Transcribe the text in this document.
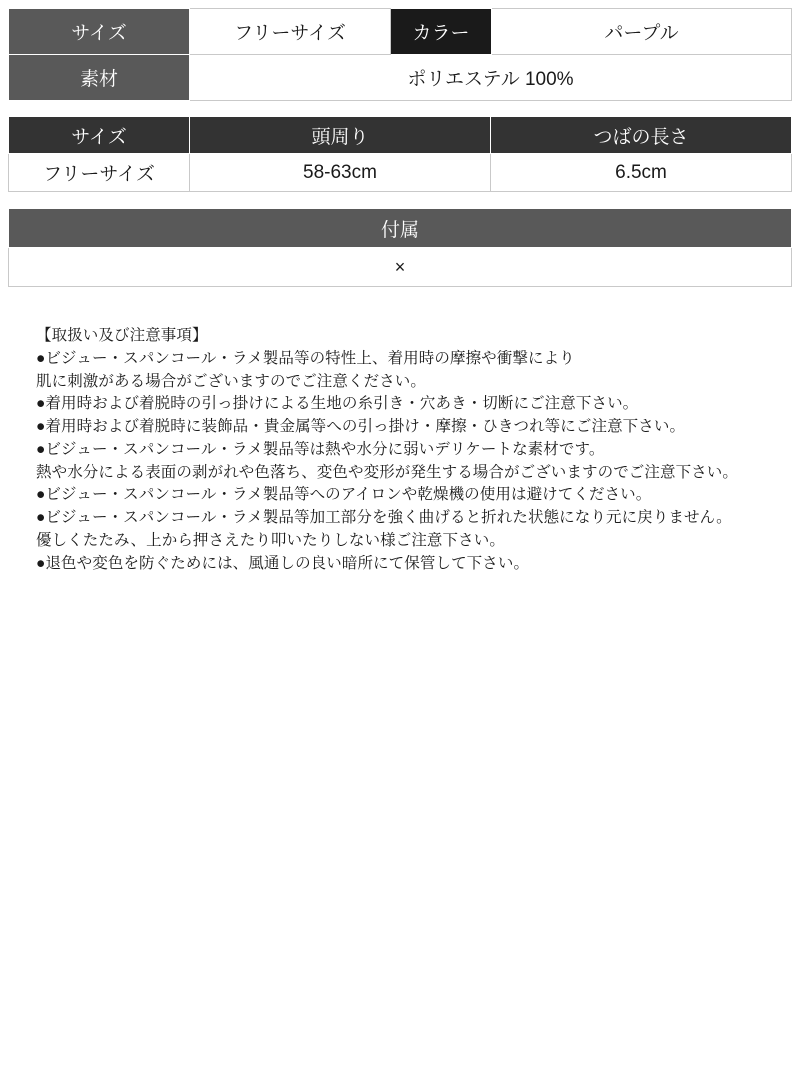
サイズ	フリーサイズ	カラー	パープル
素材	ポリエステル 100%		
サイズ	頭周り	つばの長さ
フリーサイズ	58-63cm	6.5cm
付属
×
【取扱い及び注意事項】
●ビジュー・スパンコール・ラメ製品等の特性上、着用時の摩擦や衝撃により
肌に刺激がある場合がございますのでご注意ください。
●着用時および着脱時の引っ掛けによる生地の糸引き・穴あき・切断にご注意下さい。
●着用時および着脱時に装飾品・貴金属等への引っ掛け・摩擦・ひきつれ等にご注意下さい。
●ビジュー・スパンコール・ラメ製品等は熱や水分に弱いデリケートな素材です。
熱や水分による表面の剥がれや色落ち、変色や変形が発生する場合がございますのでご注意下さい。
●ビジュー・スパンコール・ラメ製品等へのアイロンや乾燥機の使用は避けてください。
●ビジュー・スパンコール・ラメ製品等加工部分を強く曲げると折れた状態になり元に戻りません。
優しくたたみ、上から押さえたり叩いたりしない様ご注意下さい。
●退色や変色を防ぐためには、風通しの良い暗所にて保管して下さい。
